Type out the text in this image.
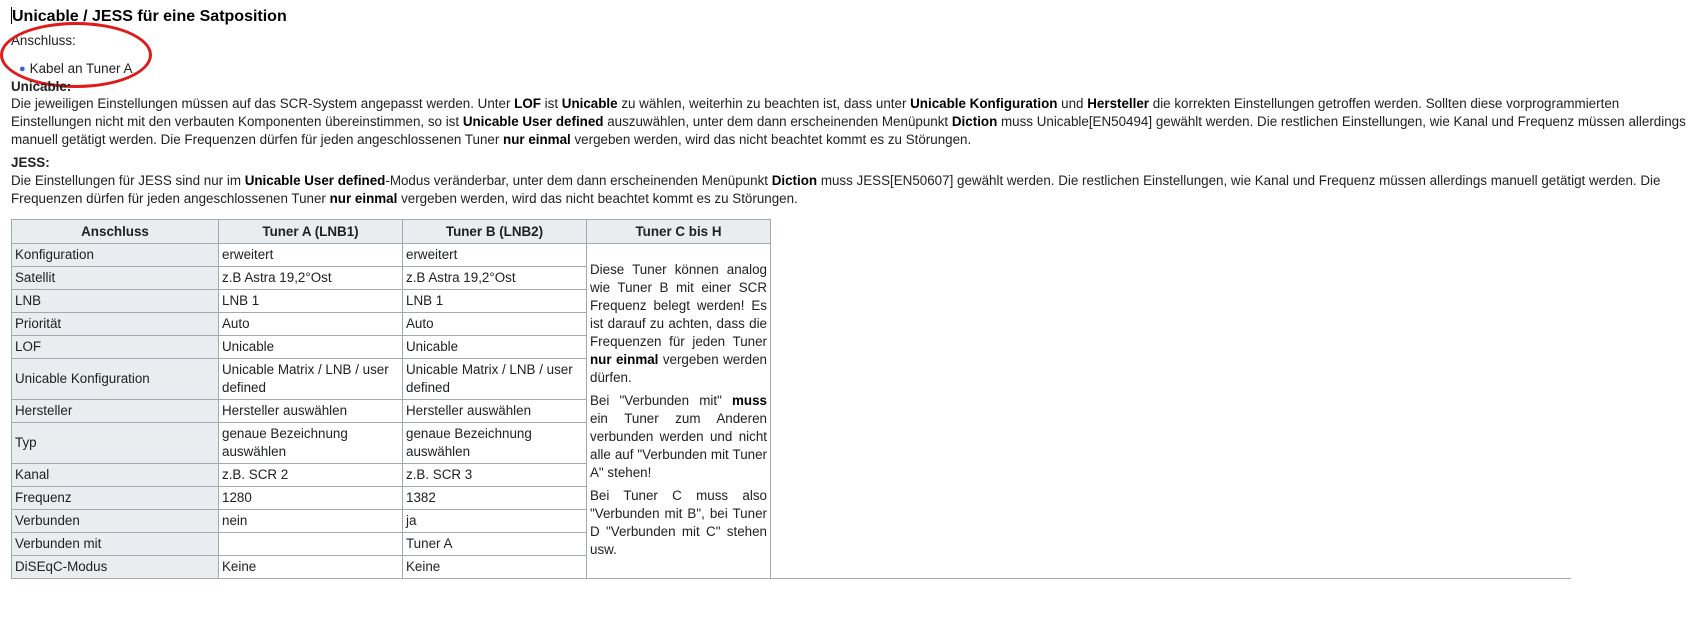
Unicable / JESS für eine Satposition
Anschluss:
● Kabel an Tuner A
Unicable:
Die jeweiligen Einstellungen müssen auf das SCR-System angepasst werden. Unter LOF ist Unicable zu wählen, weiterhin zu beachten ist, dass unter Unicable Konfiguration und Hersteller die korrekten Einstellungen getroffen werden. Sollten diese vorprogrammierten Einstellungen nicht mit den verbauten Komponenten übereinstimmen, so ist Unicable User defined auszuwählen, unter dem dann erscheinenden Menüpunkt Diction muss Unicable[EN50494] gewählt werden. Die restlichen Einstellungen, wie Kanal und Frequenz müssen allerdings manuell getätigt werden. Die Frequenzen dürfen für jeden angeschlossenen Tuner nur einmal vergeben werden, wird das nicht beachtet kommt es zu Störungen.
JESS:
Die Einstellungen für JESS sind nur im Unicable User defined-Modus veränderbar, unter dem dann erscheinenden Menüpunkt Diction muss JESS[EN50607] gewählt werden. Die restlichen Einstellungen, wie Kanal und Frequenz müssen allerdings manuell getätigt werden. Die Frequenzen dürfen für jeden angeschlossenen Tuner nur einmal vergeben werden, wird das nicht beachtet kommt es zu Störungen.
Anschluss	Tuner A (LNB1)	Tuner B (LNB2)	Tuner C bis H
Konfiguration	erweitert	erweitert	Diese Tuner können analog wie Tuner B mit einer SCR Frequenz belegt werden! Es ist darauf zu achten, dass die Frequenzen für jeden Tuner nur einmal vergeben werden dürfen.

Bei "Verbunden mit" muss ein Tuner zum Anderen verbunden werden und nicht alle auf "Verbunden mit Tuner A" stehen!

Bei Tuner C muss also "Verbunden mit B", bei Tuner D "Verbunden mit C" stehen usw.

Satellit	z.B Astra 19,2°Ost	z.B Astra 19,2°Ost	
LNB	LNB 1	LNB 1	
Priorität	Auto	Auto	
LOF	Unicable	Unicable	
Unicable Konfiguration	Unicable Matrix / LNB / user defined	Unicable Matrix / LNB / user defined	
Hersteller	Hersteller auswählen	Hersteller auswählen	
Typ	genaue Bezeichnung auswählen	genaue Bezeichnung auswählen	
Kanal	z.B. SCR 2	z.B. SCR 3	
Frequenz	1280	1382	
Verbunden	nein	ja	
Verbunden mit		Tuner A	
DiSEqC-Modus	Keine	Keine	
